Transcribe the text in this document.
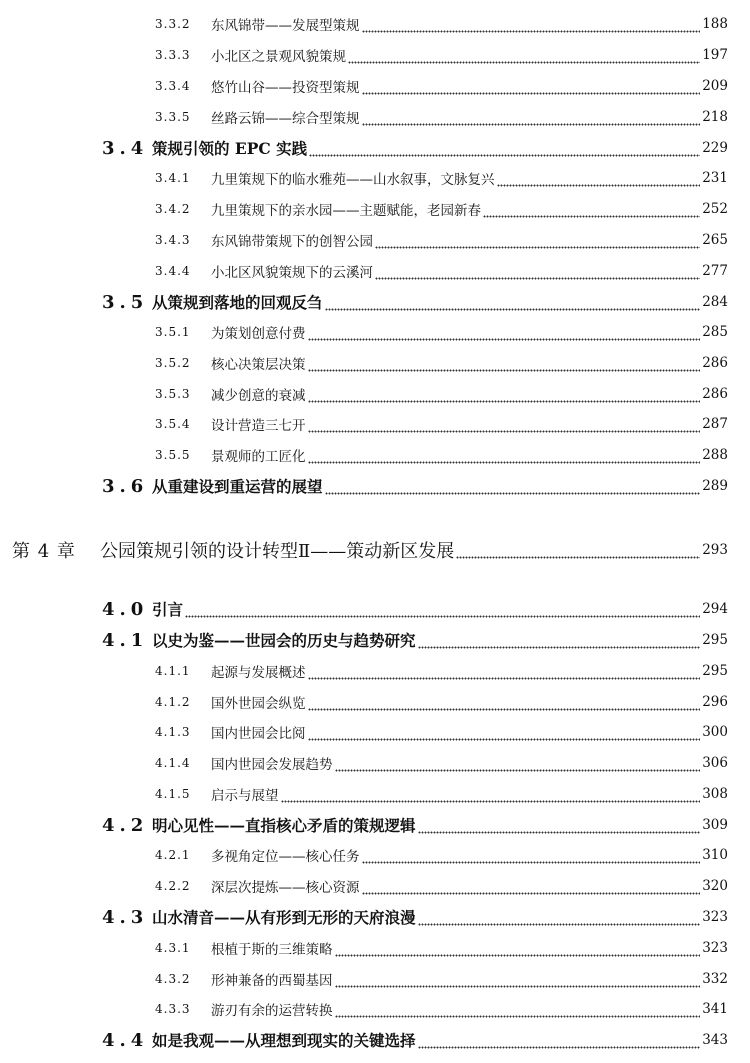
3.3.2 东风锦带——发展型策规	188
3.3.3 小北区之景观风貌策规	197
3.3.4 悠竹山谷——投资型策规	209
3.3.5 丝路云锦——综合型策规	218
3.4 策规引领的 EPC 实践	229
3.4.1 九里策规下的临水雅苑——山水叙事，文脉复兴	231
3.4.2 九里策规下的亲水园——主题赋能，老园新春	252
3.4.3 东风锦带策规下的创智公园	265
3.4.4 小北区风貌策规下的云溪河	277
3.5 从策规到落地的回观反刍	284
3.5.1 为策划创意付费	285
3.5.2 核心决策层决策	286
3.5.3 减少创意的衰减	286
3.5.4 设计营造三七开	287
3.5.5 景观师的工匠化	288
3.6 从重建设到重运营的展望	289
第 4 章 公园策规引领的设计转型Ⅱ——策动新区发展	293
4.0 引言	294
4.1 以史为鉴——世园会的历史与趋势研究	295
4.1.1 起源与发展概述	295
4.1.2 国外世园会纵览	296
4.1.3 国内世园会比阅	300
4.1.4 国内世园会发展趋势	306
4.1.5 启示与展望	308
4.2 明心见性——直指核心矛盾的策规逻辑	309
4.2.1 多视角定位——核心任务	310
4.2.2 深层次提炼——核心资源	320
4.3 山水清音——从有形到无形的天府浪漫	323
4.3.1 根植于斯的三维策略	323
4.3.2 形神兼备的西蜀基因	332
4.3.3 游刃有余的运营转换	341
4.4 如是我观——从理想到现实的关键选择	343
